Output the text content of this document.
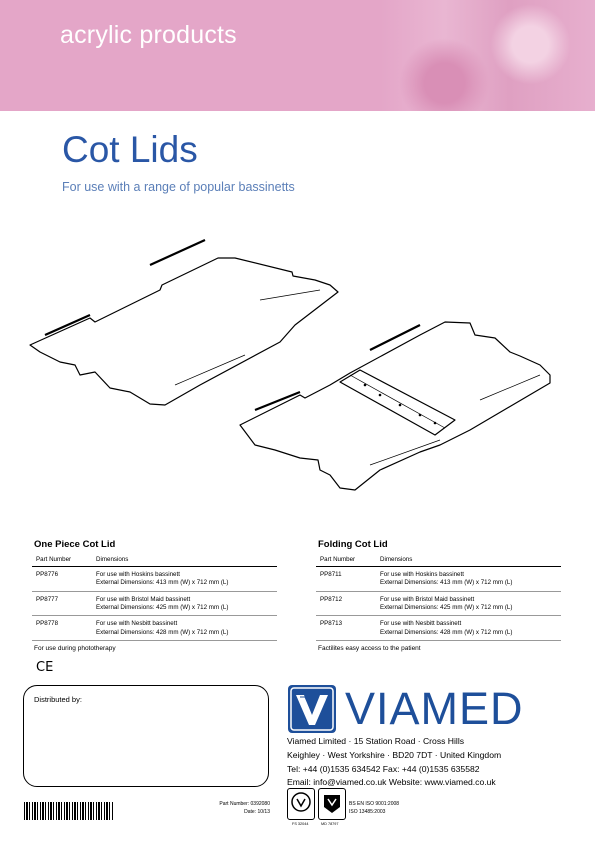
acrylic products
Cot Lids
For use with a range of popular bassinetts
One Piece Cot Lid
Part Number	Dimensions
PP8776	For use with Hoskins bassinett
External Dimensions: 413 mm (W) x 712 mm (L)

PP8777	For use with Bristol Maid bassinett
External Dimensions: 425 mm (W) x 712 mm (L)

PP8778	For use with Nesbitt bassinett
External Dimensions: 428 mm (W) x 712 mm (L)
For use during phototherapy
Folding Cot Lid
Part Number	Dimensions
PP8711	For use with Hoskins bassinett
External Dimensions: 413 mm (W) x 712 mm (L)

PP8712	For use with Bristol Maid bassinett
External Dimensions: 425 mm (W) x 712 mm (L)

PP8713	For use with Nesbitt bassinett
External Dimensions: 428 mm (W) x 712 mm (L)
Factilites easy access to the patient
CE
Distributed by:
Part Number: 0392080
Date: 10/13
VIAMED
Viamed Limited · 15 Station Road · Cross Hills
Keighley · West Yorkshire · BD20 7DT · United Kingdom
Tel: +44 (0)1535 634542 Fax: +44 (0)1535 635582
Email: info@viamed.co.uk Website: www.viamed.co.uk
FS 32044	MD 78797
BS EN ISO 9001:2008
ISO 13485:2003
